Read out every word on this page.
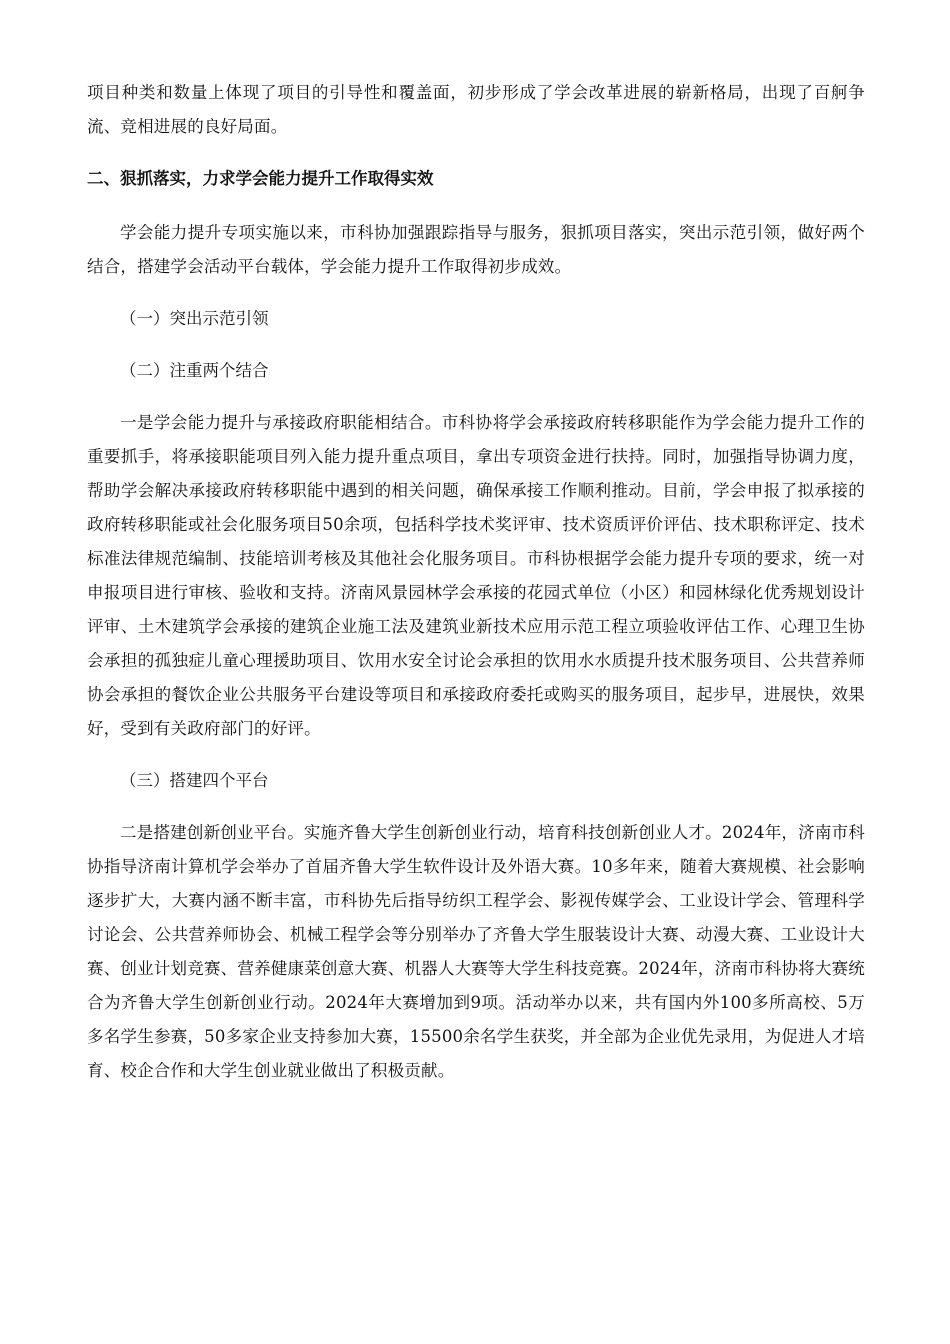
项目种类和数量上体现了项目的引导性和覆盖面，初步形成了学会改革进展的崭新格局，出现了百舸争流、竞相进展的良好局面。

二、狠抓落实，力求学会能力提升工作取得实效

学会能力提升专项实施以来，市科协加强跟踪指导与服务，狠抓项目落实，突出示范引领，做好两个结合，搭建学会活动平台载体，学会能力提升工作取得初步成效。

（一）突出示范引领

（二）注重两个结合

一是学会能力提升与承接政府职能相结合。市科协将学会承接政府转移职能作为学会能力提升工作的重要抓手，将承接职能项目列入能力提升重点项目，拿出专项资金进行扶持。同时，加强指导协调力度，帮助学会解决承接政府转移职能中遇到的相关问题，确保承接工作顺利推动。目前，学会申报了拟承接的政府转移职能或社会化服务项目50余项，包括科学技术奖评审、技术资质评价评估、技术职称评定、技术标准法律规范编制、技能培训考核及其他社会化服务项目。市科协根据学会能力提升专项的要求，统一对申报项目进行审核、验收和支持。济南风景园林学会承接的花园式单位（小区）和园林绿化优秀规划设计评审、土木建筑学会承接的建筑企业施工法及建筑业新技术应用示范工程立项验收评估工作、心理卫生协会承担的孤独症儿童心理援助项目、饮用水安全讨论会承担的饮用水水质提升技术服务项目、公共营养师协会承担的餐饮企业公共服务平台建设等项目和承接政府委托或购买的服务项目，起步早，进展快，效果好，受到有关政府部门的好评。

（三）搭建四个平台

二是搭建创新创业平台。实施齐鲁大学生创新创业行动，培育科技创新创业人才。2024年，济南市科协指导济南计算机学会举办了首届齐鲁大学生软件设计及外语大赛。10多年来，随着大赛规模、社会影响逐步扩大，大赛内涵不断丰富，市科协先后指导纺织工程学会、影视传媒学会、工业设计学会、管理科学讨论会、公共营养师协会、机械工程学会等分别举办了齐鲁大学生服装设计大赛、动漫大赛、工业设计大赛、创业计划竞赛、营养健康菜创意大赛、机器人大赛等大学生科技竞赛。2024年，济南市科协将大赛统合为齐鲁大学生创新创业行动。2024年大赛增加到9项。活动举办以来，共有国内外100多所高校、5万多名学生参赛，50多家企业支持参加大赛，15500余名学生获奖，并全部为企业优先录用，为促进人才培育、校企合作和大学生创业就业做出了积极贡献。
